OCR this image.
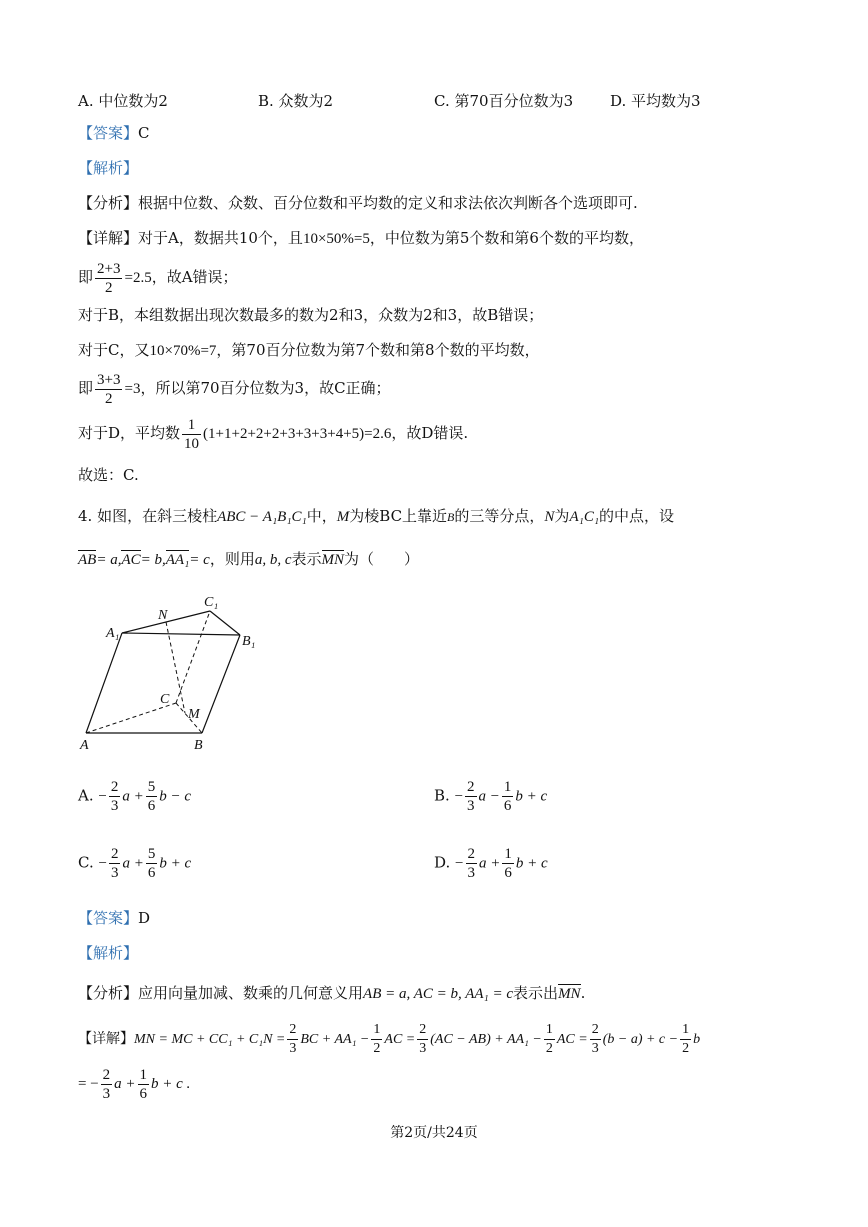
A. 中位数为2	B. 众数为2	C. 第70百分位数为3 D. 平均数为3
【答案】C
【解析】
【分析】根据中位数、众数、百分位数和平均数的定义和求法依次判断各个选项即可.
【详解】对于A，数据共10个，且10×50%=5，中位数为第5个数和第6个数的平均数，
即 $\frac{2+3}{2} =2.5$，故A错误；
对于B，本组数据出现次数最多的数为2和3，众数为2和3，故B错误；
对于C，又10×70%=7，第70百分位数为第7个数和第8个数的平均数，
即 $\frac{3+3}{2} =3$，所以第70百分位数为3，故C正确；
对于D，平均数 $\frac{1}{10} (1+1+2+2+2+3+3+3+4+5)=2.6$，故D错误.
故选：C.
4. 如图，在斜三棱柱ABC − A₁B₁C₁中，M为棱BC上靠近B的三等分点，N为A₁C₁的中点，设
AB= a,AC= b,AA₁= c，则用a, b, c表示MN为（　　）
A₁
N
C₁
B₁
C
M
A	B
A. − $\frac{2}{3}$ $a + \frac{5}{6}$ b − c	B. − $\frac{2}{3}$ $a - \frac{1}{6}$ b + c
C. − $\frac{2}{3}$ $a + \frac{5}{6}$ b + c	D. − $\frac{2}{3}$ $a + \frac{1}{6}$ b + c
【答案】D
【解析】
【分析】应用向量加减、数乘的几何意义用AB = a, AC = b, AA₁ = c表示出MN.
【详解】MN = MC + $CC_1 + C_1N = \frac{2}{3}$ BC + $AA_1 - \frac{1}{2}$ AC = $\frac{2}{3} (AC - AB) + AA_1 - \frac{1}{2}$ AC = $\frac{2}{3} (b - a) + c - \frac{1}{2}$ b
= − $\frac{2}{3}$ $a + \frac{1}{6}$ b + c .
第2页/共24页
